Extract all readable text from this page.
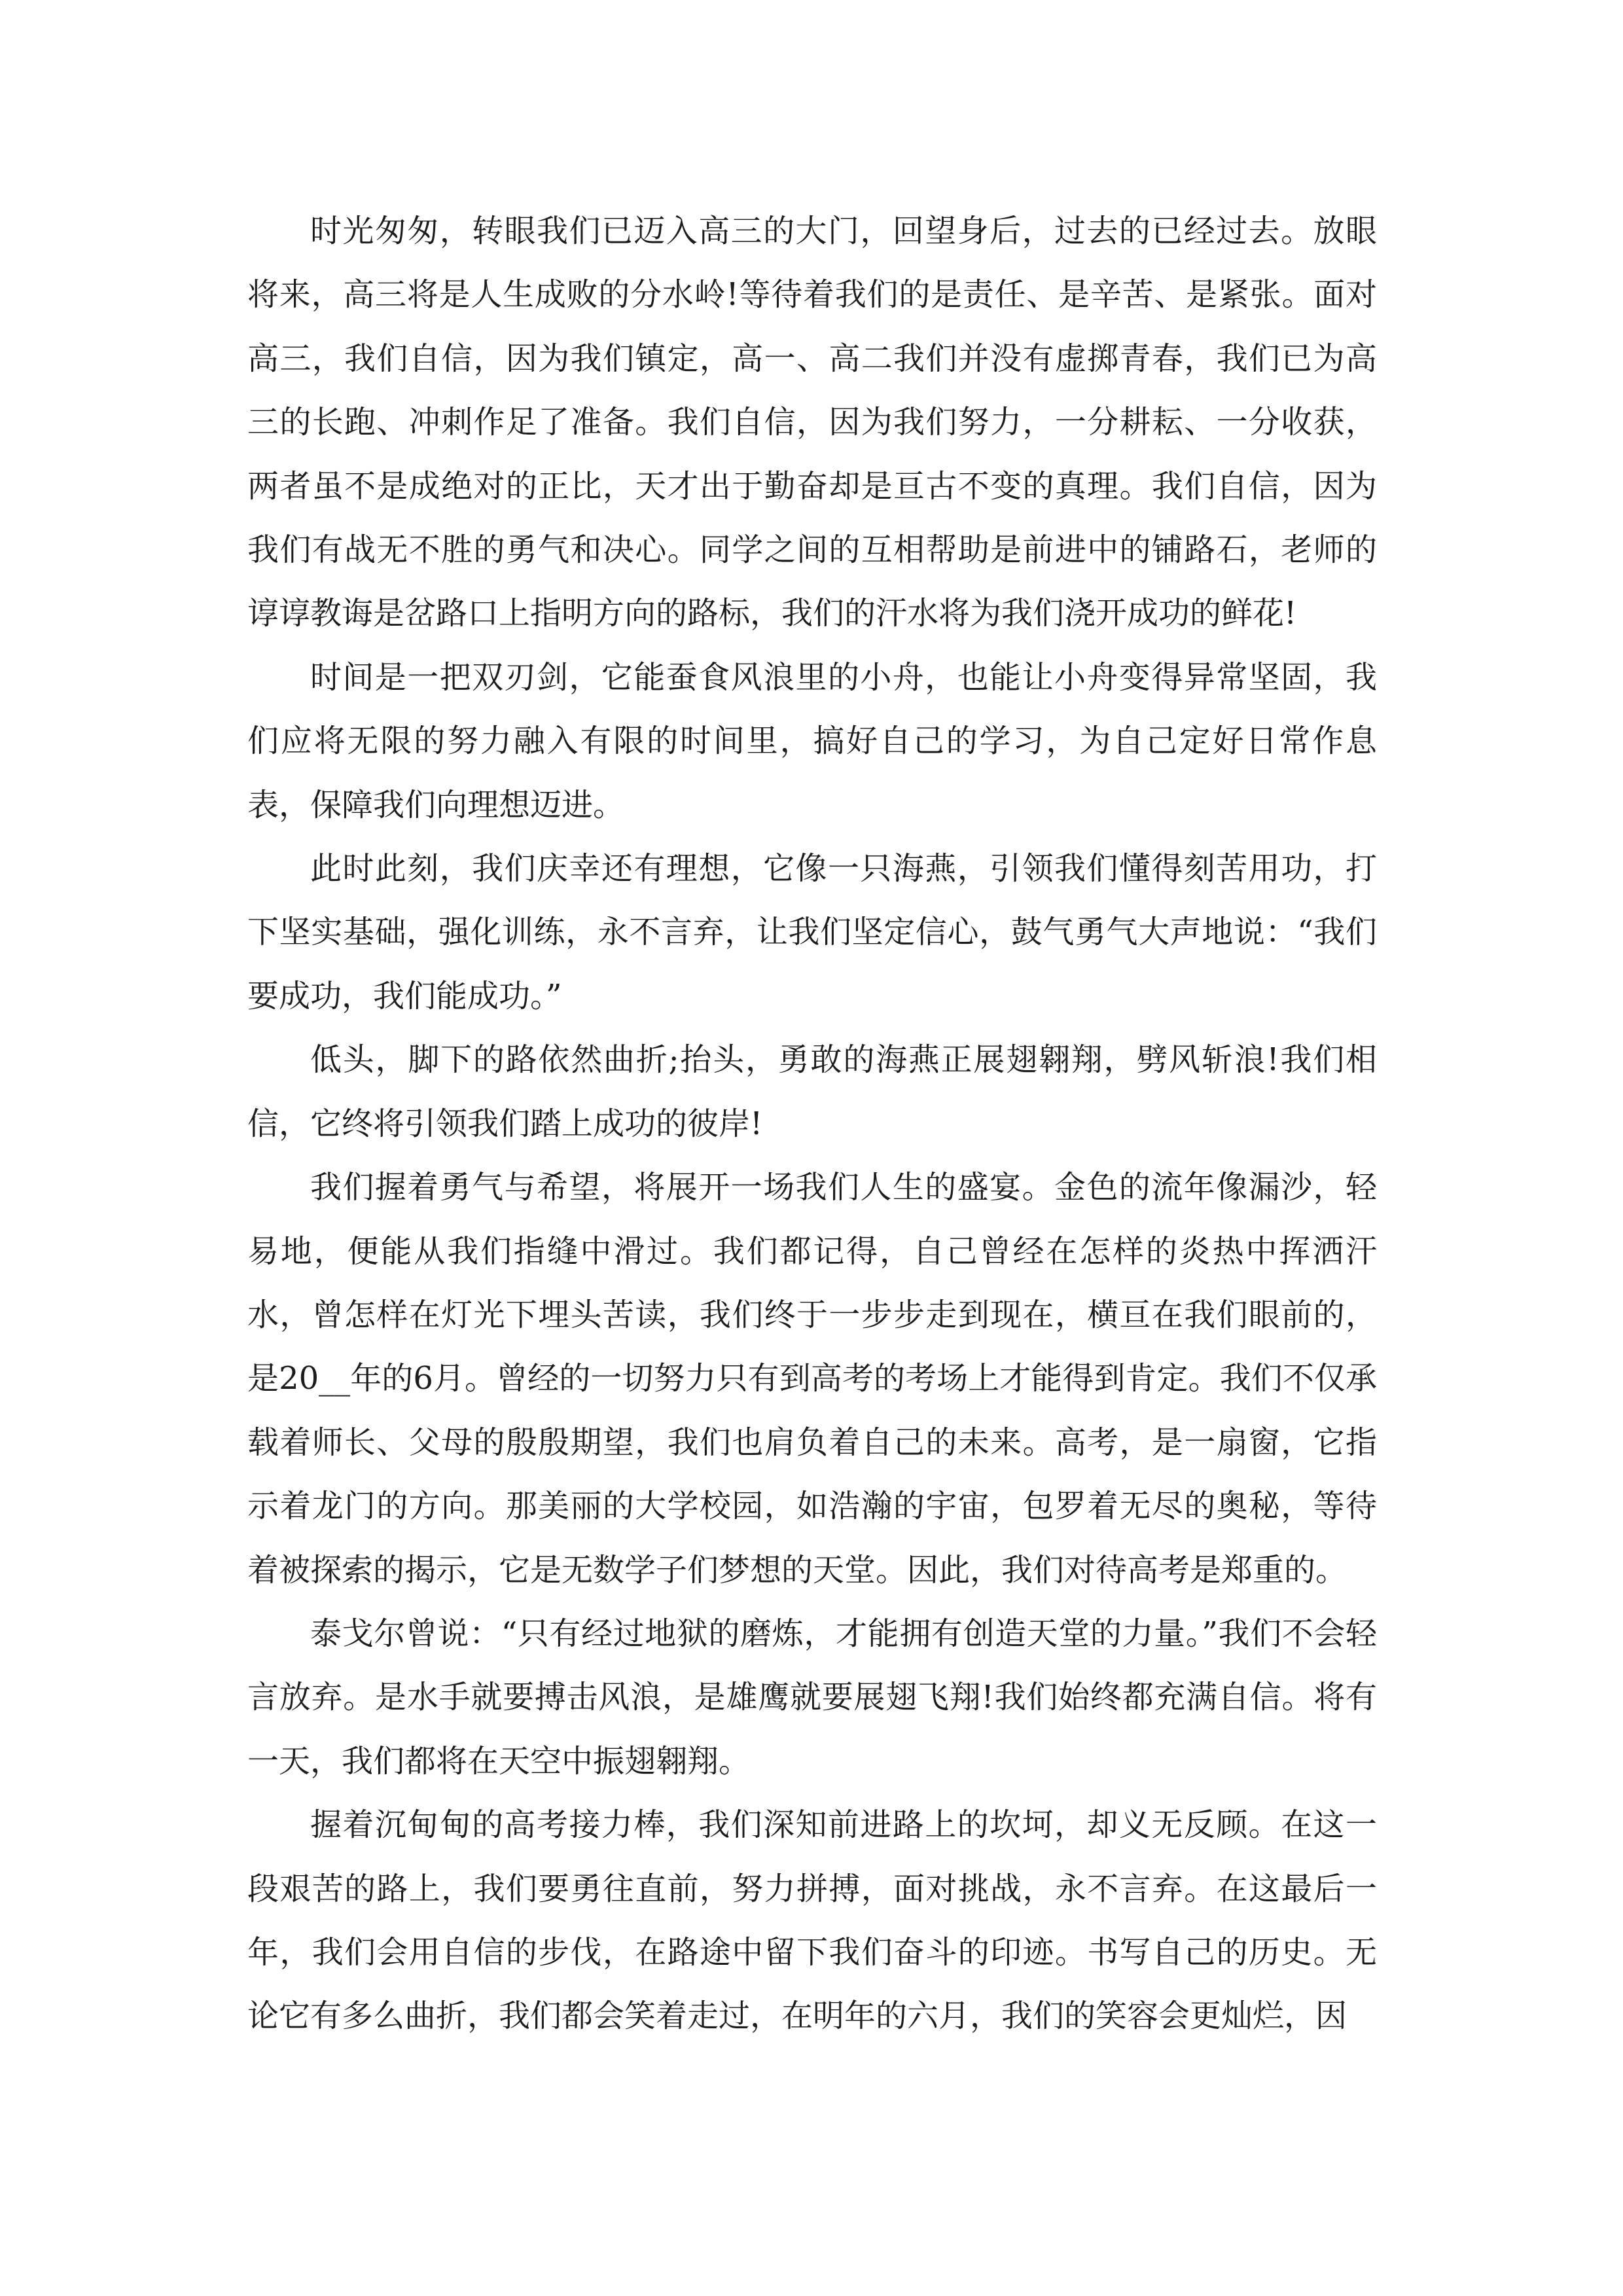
时光匆匆，转眼我们已迈入高三的大门，回望身后，过去的已经过去。放眼将来，高三将是人生成败的分水岭!等待着我们的是责任、是辛苦、是紧张。面对高三，我们自信，因为我们镇定，高一、高二我们并没有虚掷青春，我们已为高三的长跑、冲刺作足了准备。我们自信，因为我们努力，一分耕耘、一分收获，两者虽不是成绝对的正比，天才出于勤奋却是亘古不变的真理。我们自信，因为我们有战无不胜的勇气和决心。同学之间的互相帮助是前进中的铺路石，老师的谆谆教诲是岔路口上指明方向的路标，我们的汗水将为我们浇开成功的鲜花!

时间是一把双刃剑，它能蚕食风浪里的小舟，也能让小舟变得异常坚固，我们应将无限的努力融入有限的时间里，搞好自己的学习，为自己定好日常作息表，保障我们向理想迈进。

此时此刻，我们庆幸还有理想，它像一只海燕，引领我们懂得刻苦用功，打下坚实基础，强化训练，永不言弃，让我们坚定信心，鼓气勇气大声地说：“我们要成功，我们能成功。”

低头，脚下的路依然曲折;抬头，勇敢的海燕正展翅翱翔，劈风斩浪!我们相信，它终将引领我们踏上成功的彼岸!

我们握着勇气与希望，将展开一场我们人生的盛宴。金色的流年像漏沙，轻易地，便能从我们指缝中滑过。我们都记得，自己曾经在怎样的炎热中挥洒汗水，曾怎样在灯光下埋头苦读，我们终于一步步走到现在，横亘在我们眼前的，是20__年的6月。曾经的一切努力只有到高考的考场上才能得到肯定。我们不仅承载着师长、父母的殷殷期望，我们也肩负着自己的未来。高考，是一扇窗，它指示着龙门的方向。那美丽的大学校园，如浩瀚的宇宙，包罗着无尽的奥秘，等待着被探索的揭示，它是无数学子们梦想的天堂。因此，我们对待高考是郑重的。

泰戈尔曾说：“只有经过地狱的磨炼，才能拥有创造天堂的力量。”我们不会轻言放弃。是水手就要搏击风浪，是雄鹰就要展翅飞翔!我们始终都充满自信。将有一天，我们都将在天空中振翅翱翔。

握着沉甸甸的高考接力棒，我们深知前进路上的坎坷，却义无反顾。在这一段艰苦的路上，我们要勇往直前，努力拼搏，面对挑战，永不言弃。在这最后一年，我们会用自信的步伐，在路途中留下我们奋斗的印迹。书写自己的历史。无论它有多么曲折，我们都会笑着走过，在明年的六月，我们的笑容会更灿烂，因
